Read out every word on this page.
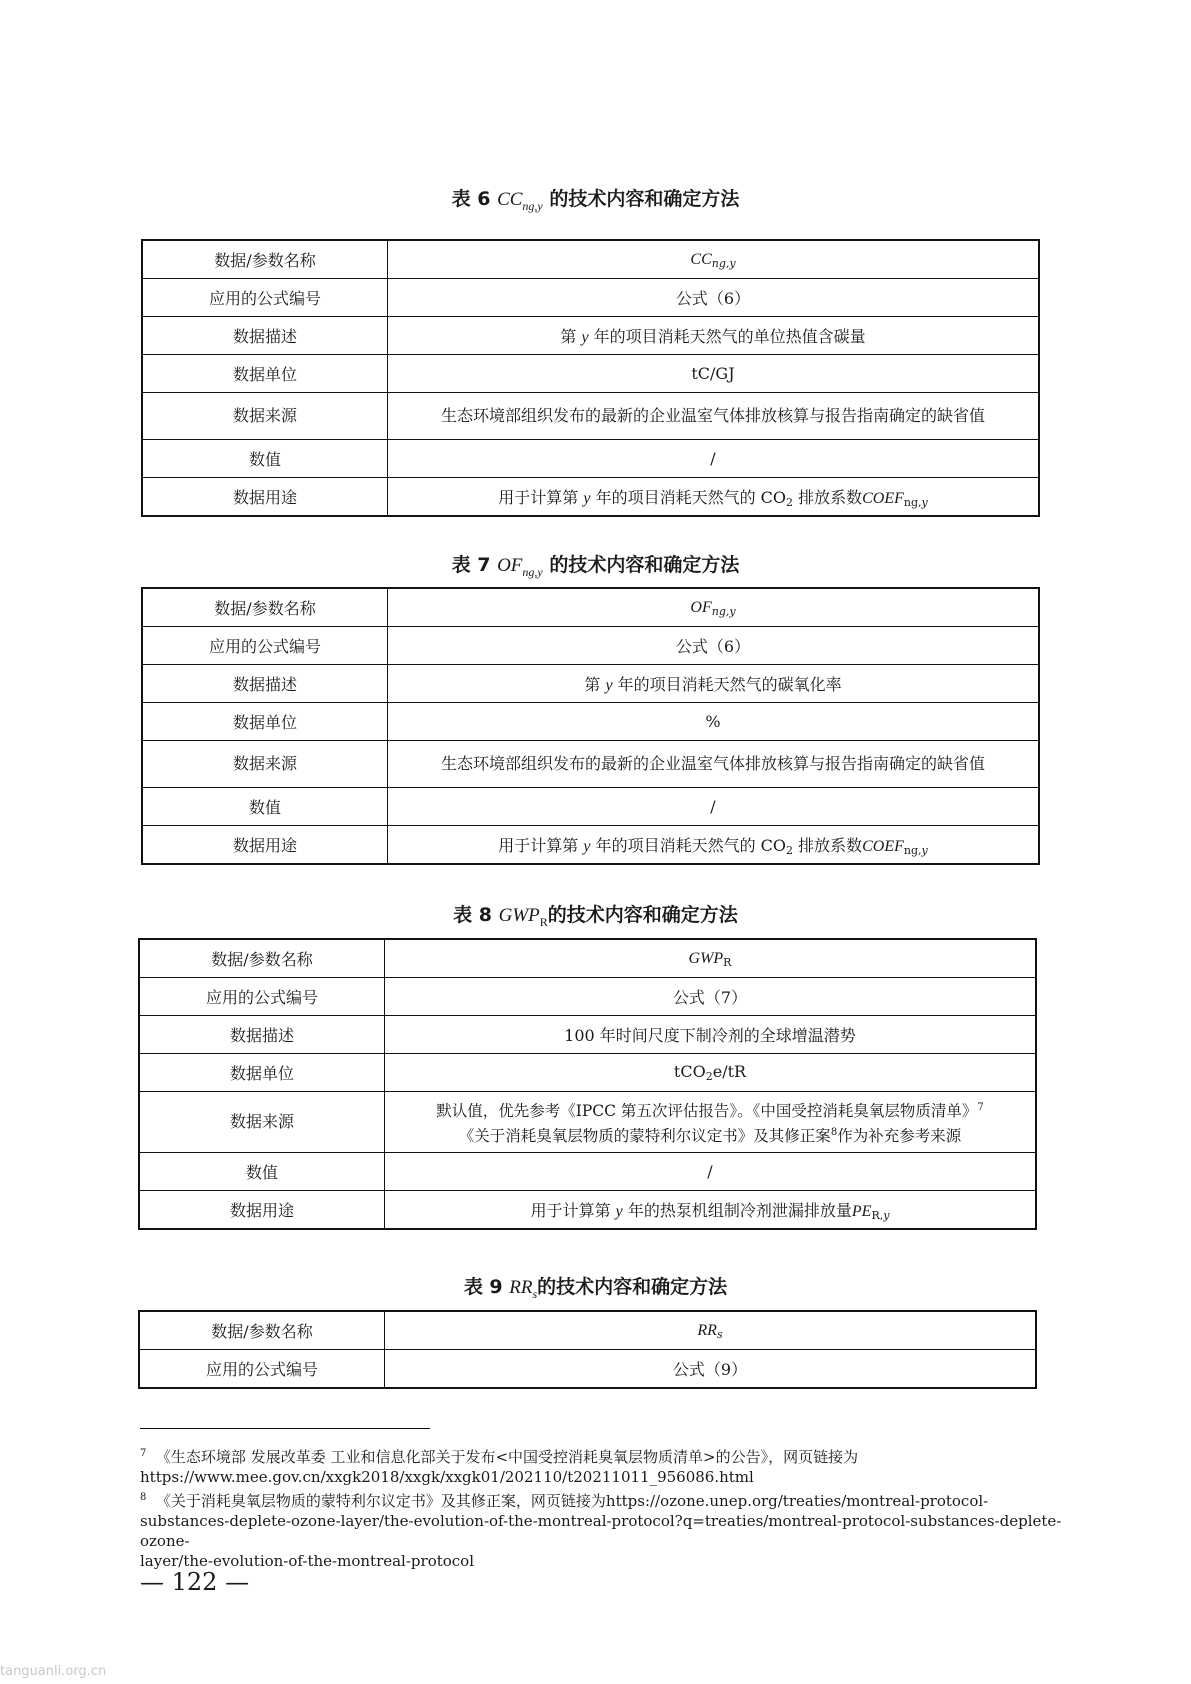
表 6 $CC_{ng,y}$ 的技术内容和确定方法
数据/参数名称	CCng,y
应用的公式编号	公式（6）
数据描述	第 y 年的项目消耗天然气的单位热值含碳量
数据单位	tC/GJ
数据来源	生态环境部组织发布的最新的企业温室气体排放核算与报告指南确定的缺省值
数值	/
数据用途	用于计算第 y 年的项目消耗天然气的 $CO_2$ 排放系数$COEF_{ng,}y$
表 7 $OF_{ng,y}$ 的技术内容和确定方法
数据/参数名称	OFng,y
应用的公式编号	公式（6）
数据描述	第 y 年的项目消耗天然气的碳氧化率
数据单位	%
数据来源	生态环境部组织发布的最新的企业温室气体排放核算与报告指南确定的缺省值
数值	/
数据用途	用于计算第 y 年的项目消耗天然气的 $CO_2$ 排放系数$COEF_{ng,}y$
表 8 $GWP_R$的技术内容和确定方法
数据/参数名称	$GWP_R$
应用的公式编号	公式（7）
数据描述	100 年时间尺度下制冷剂的全球增温潜势
数据单位	tCO$_2$e/tR
数据来源	默认值，优先参考《IPCC 第五次评估报告》。《中国受控消耗臭氧层物质清单》$^7$
《关于消耗臭氧层物质的蒙特利尔议定书》及其修正案$^8$作为补充参考来源

数值	/
数据用途	用于计算第 y 年的热泵机组制冷剂泄漏排放量$PE_{R,}y$
表 9 $RR_s$的技术内容和确定方法
数据/参数名称	RRs
应用的公式编号	公式（9）
$^7$ 《生态环境部 发展改革委 工业和信息化部关于发布<中国受控消耗臭氧层物质清单>的公告》，网页链接为
https://www.mee.gov.cn/xxgk2018/xxgk/xxgk01/202110/t20211011_956086.html
$^8$ 《关于消耗臭氧层物质的蒙特利尔议定书》及其修正案，网页链接为https://ozone.unep.org/treaties/montreal-protocol-
substances-deplete-ozone-layer/the-evolution-of-the-montreal-protocol?q=treaties/montreal-protocol-substances-deplete-ozone-
layer/the-evolution-of-the-montreal-protocol
— 122 —
tanguanli.org.cn
